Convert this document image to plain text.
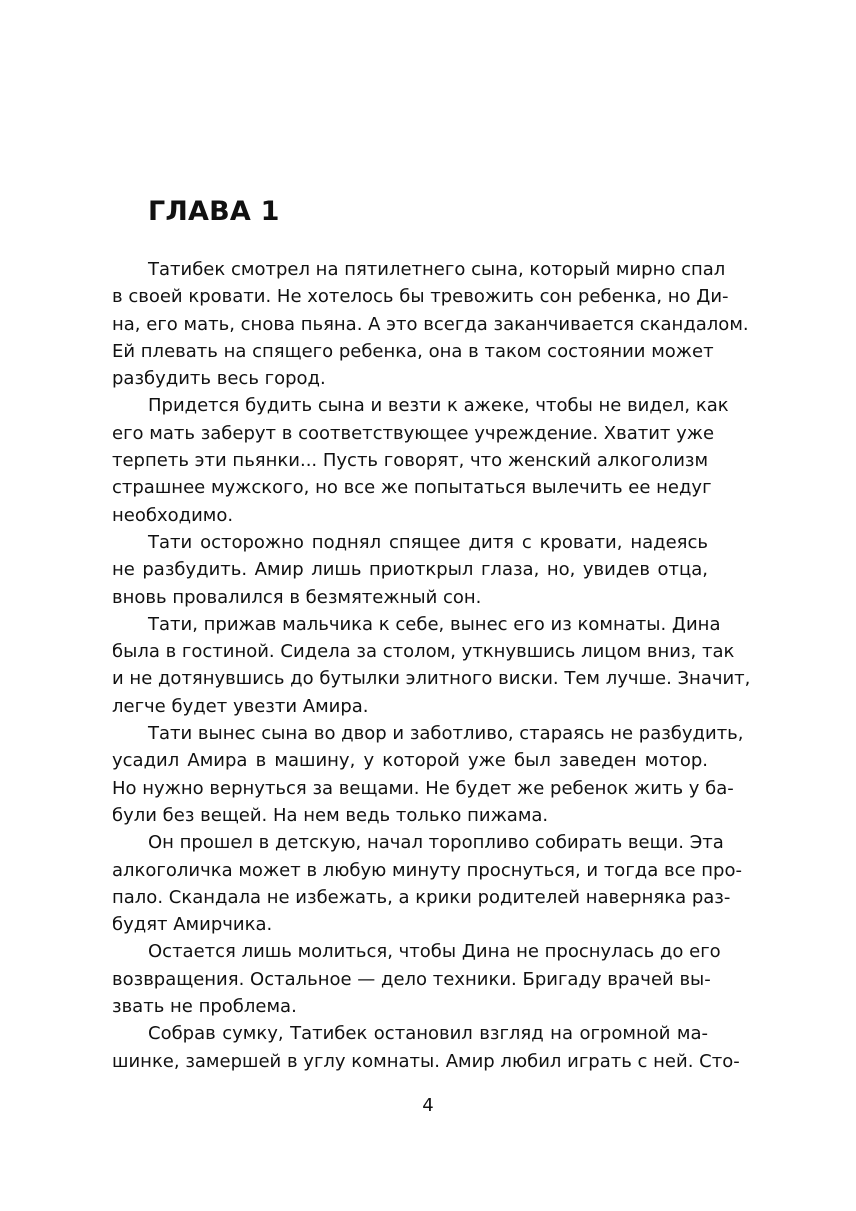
ГЛАВА 1
Татибек смотрел на пятилетнего сына, который мирно спал
в своей кровати. Не хотелось бы тревожить сон ребенка, но Ди-
на, его мать, снова пьяна. А это всегда заканчивается скандалом.
Ей плевать на спящего ребенка, она в таком состоянии может
разбудить весь город.
Придется будить сына и везти к ажеке, чтобы не видел, как
его мать заберут в соответствующее учреждение. Хватит уже
терпеть эти пьянки... Пусть говорят, что женский алкоголизм
страшнее мужского, но все же попытаться вылечить ее недуг
необходимо.
Тати осторожно поднял спящее дитя с кровати, надеясь
не разбудить. Амир лишь приоткрыл глаза, но, увидев отца,
вновь провалился в безмятежный сон.
Тати, прижав мальчика к себе, вынес его из комнаты. Дина
была в гостиной. Сидела за столом, уткнувшись лицом вниз, так
и не дотянувшись до бутылки элитного виски. Тем лучше. Значит,
легче будет увезти Амира.
Тати вынес сына во двор и заботливо, стараясь не разбудить,
усадил Амира в машину, у которой уже был заведен мотор.
Но нужно вернуться за вещами. Не будет же ребенок жить у ба-
були без вещей. На нем ведь только пижама.
Он прошел в детскую, начал торопливо собирать вещи. Эта
алкоголичка может в любую минуту проснуться, и тогда все про-
пало. Скандала не избежать, а крики родителей наверняка раз-
будят Амирчика.
Остается лишь молиться, чтобы Дина не проснулась до его
возвращения. Остальное — дело техники. Бригаду врачей вы-
звать не проблема.
Собрав сумку, Татибек остановил взгляд на огромной ма-
шинке, замершей в углу комнаты. Амир любил играть с ней. Сто-
4
